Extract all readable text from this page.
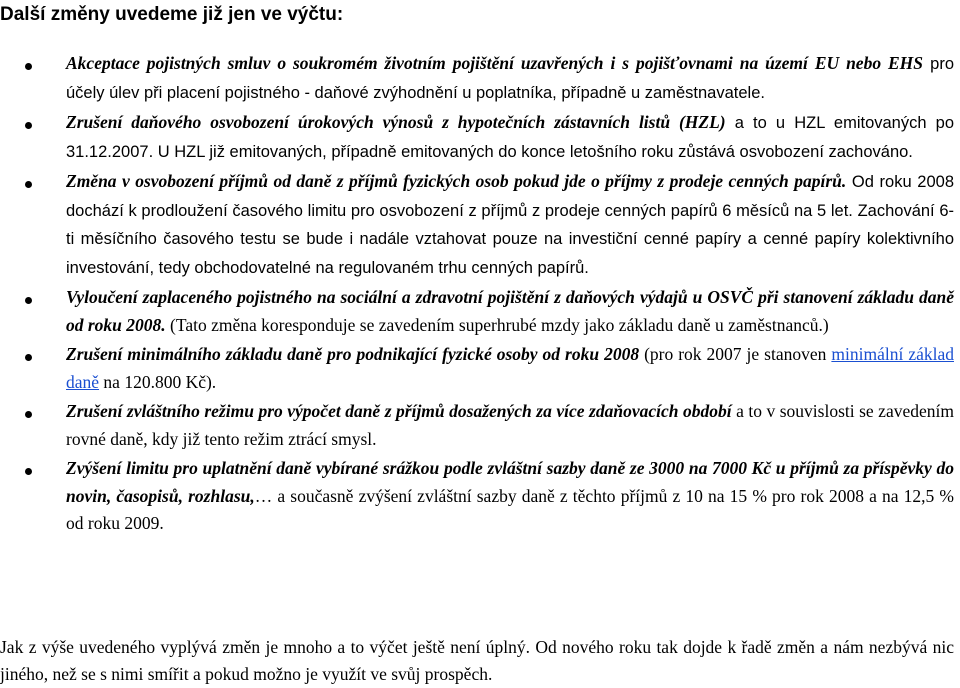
Další změny uvedeme již jen ve výčtu:
Akceptace pojistných smluv o soukromém životním pojištění uzavřených i s pojišťovnami na území EU nebo EHS pro účely úlev při placení pojistného - daňové zvýhodnění u poplatníka, případně u zaměstnavatele.
Zrušení daňového osvobození úrokových výnosů z hypotečních zástavních listů (HZL) a to u HZL emitovaných po 31.12.2007. U HZL již emitovaných, případně emitovaných do konce letošního roku zůstává osvobození zachováno.
Změna v osvobození příjmů od daně z příjmů fyzických osob pokud jde o příjmy z prodeje cenných papírů. Od roku 2008 dochází k prodloužení časového limitu pro osvobození z příjmů z prodeje cenných papírů 6 měsíců na 5 let. Zachování 6-ti měsíčního časového testu se bude i nadále vztahovat pouze na investiční cenné papíry a cenné papíry kolektivního investování, tedy obchodovatelné na regulovaném trhu cenných papírů.
Vyloučení zaplaceného pojistného na sociální a zdravotní pojištění z daňových výdajů u OSVČ při stanovení základu daně od roku 2008. (Tato změna koresponduje se zavedením superhrubé mzdy jako základu daně u zaměstnanců.)
Zrušení minimálního základu daně pro podnikající fyzické osoby od roku 2008 (pro rok 2007 je stanoven minimální základ daně na 120.800 Kč).
Zrušení zvláštního režimu pro výpočet daně z příjmů dosažených za více zdaňovacích období a to v souvislosti se zavedením rovné daně, kdy již tento režim ztrácí smysl.
Zvýšení limitu pro uplatnění daně vybírané srážkou podle zvláštní sazby daně ze 3000 na 7000 Kč u příjmů za příspěvky do novin, časopisů, rozhlasu,… a současně zvýšení zvláštní sazby daně z těchto příjmů z 10 na 15 % pro rok 2008 a na 12,5 % od roku 2009.
Jak z výše uvedeného vyplývá změn je mnoho a to výčet ještě není úplný. Od nového roku tak dojde k řadě změn a nám nezbývá nic jiného, než se s nimi smířit a pokud možno je využít ve svůj prospěch.
